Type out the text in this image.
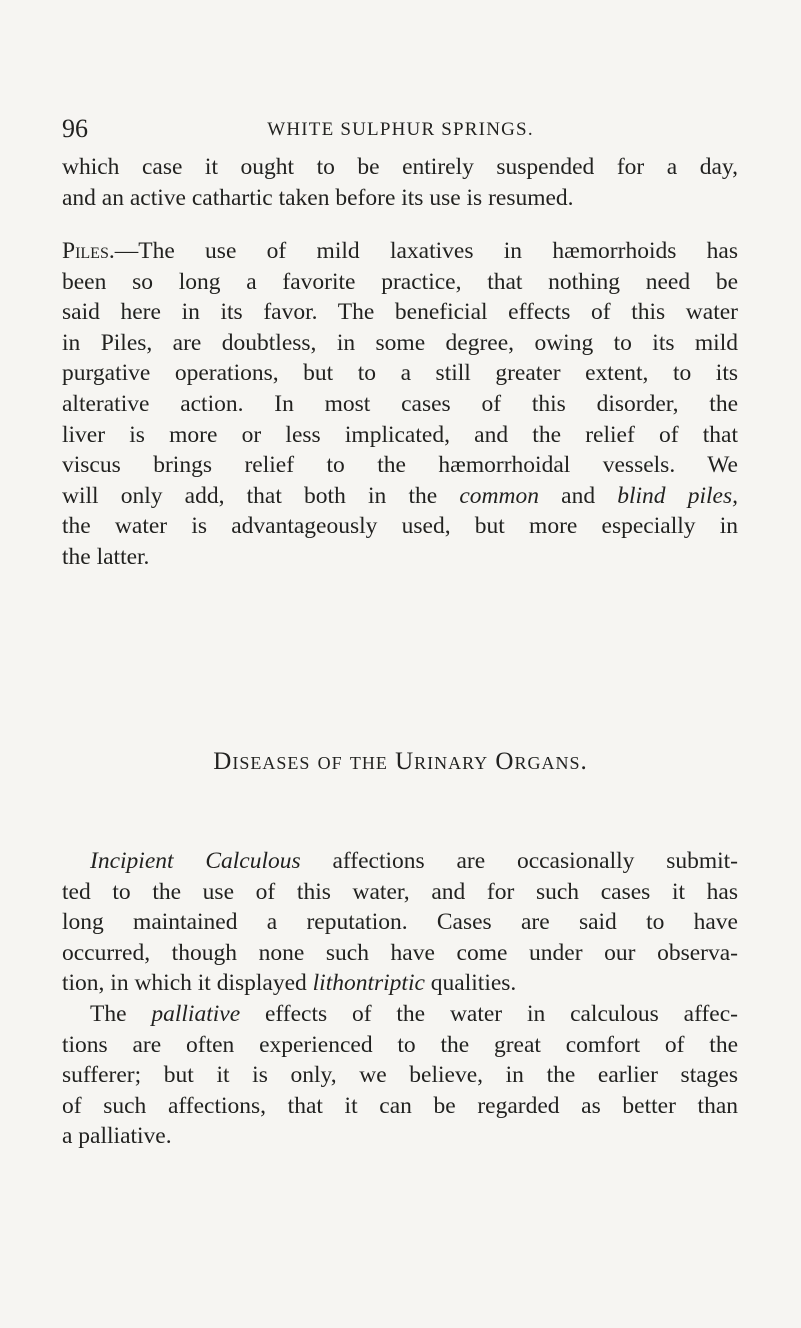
96	WHITE SULPHUR SPRINGS.
which case it ought to be entirely suspended for a day,
and an active cathartic taken before its use is resumed.
Piles.—The use of mild laxatives in hæmorrhoids has
been so long a favorite practice, that nothing need be
said here in its favor. The beneficial effects of this water
in Piles, are doubtless, in some degree, owing to its mild
purgative operations, but to a still greater extent, to its
alterative action. In most cases of this disorder, the
liver is more or less implicated, and the relief of that
viscus brings relief to the hæmorrhoidal vessels. We
will only add, that both in the common and blind piles,
the water is advantageously used, but more especially in
the latter.
Diseases of the Urinary Organs.
Incipient Calculous affections are occasionally submit-
ted to the use of this water, and for such cases it has
long maintained a reputation. Cases are said to have
occurred, though none such have come under our observa-
tion, in which it displayed lithontriptic qualities.
The palliative effects of the water in calculous affec-
tions are often experienced to the great comfort of the
sufferer; but it is only, we believe, in the earlier stages
of such affections, that it can be regarded as better than
a palliative.
